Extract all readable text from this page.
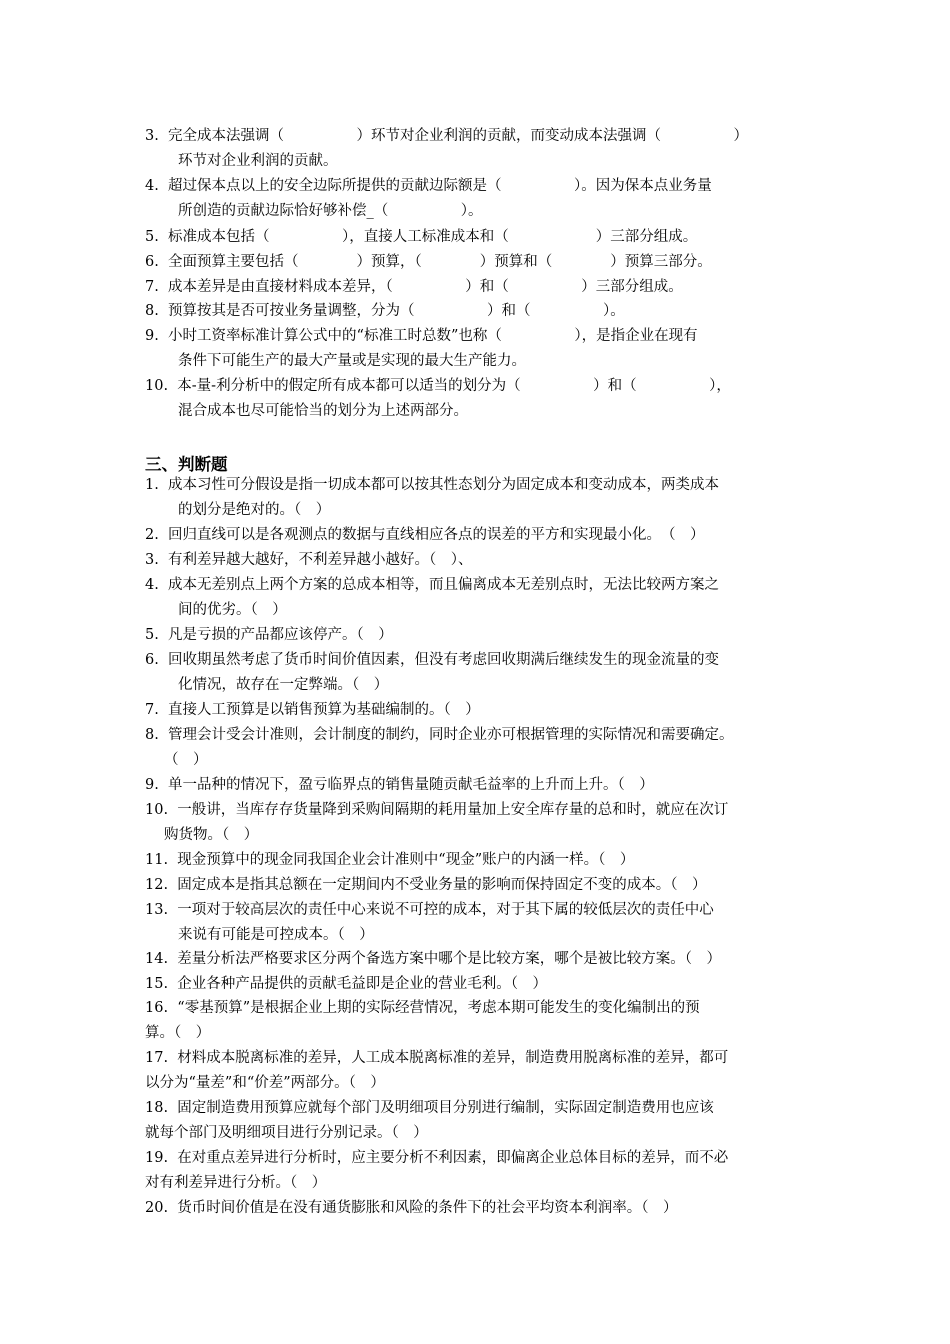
3.  完全成本法强调（　　　　　）环节对企业利润的贡献，而变动成本法强调（　　　　　）
环节对企业利润的贡献。
4.  超过保本点以上的安全边际所提供的贡献边际额是（　　　　　）。因为保本点业务量
所创造的贡献边际恰好够补偿_（　　　　　）。
5.  标准成本包括（　　　　　），直接人工标准成本和（　　　　　　）三部分组成。
6.  全面预算主要包括（　　　　）预算，（　　　　）预算和（　　　　）预算三部分。
7.  成本差异是由直接材料成本差异，（　　　　　）和（　　　　　）三部分组成。
8.  预算按其是否可按业务量调整，分为（　　　　　）和（　　　　　）。
9.  小时工资率标准计算公式中的“标准工时总数”也称（　　　　　），是指企业在现有
条件下可能生产的最大产量或是实现的最大生产能力。
10.  本-量-利分析中的假定所有成本都可以适当的划分为（　　　　　）和（　　　　　），
混合成本也尽可能恰当的划分为上述两部分。
三、判断题
1.  成本习性可分假设是指一切成本都可以按其性态划分为固定成本和变动成本，两类成本
的划分是绝对的。（　）
2.  回归直线可以是各观测点的数据与直线相应各点的误差的平方和实现最小化。　（　）
3.  有利差异越大越好，不利差异越小越好。（　）、
4.  成本无差别点上两个方案的总成本相等，而且偏离成本无差别点时，无法比较两方案之
间的优劣。（　）
5.  凡是亏损的产品都应该停产。（　）
6.  回收期虽然考虑了货币时间价值因素，但没有考虑回收期满后继续发生的现金流量的变
化情况，故存在一定弊端。（　）
7.  直接人工预算是以销售预算为基础编制的。（　）
8.  管理会计受会计准则，会计制度的制约，同时企业亦可根据管理的实际情况和需要确定。
（　）
9.  单一品种的情况下，盈亏临界点的销售量随贡献毛益率的上升而上升。（　）
10.  一般讲，当库存存货量降到采购间隔期的耗用量加上安全库存量的总和时，就应在次订
购货物。（　）
11.  现金预算中的现金同我国企业会计准则中“现金”账户的内涵一样。（　）
12.  固定成本是指其总额在一定期间内不受业务量的影响而保持固定不变的成本。（　）
13.  一项对于较高层次的责任中心来说不可控的成本，对于其下属的较低层次的责任中心
来说有可能是可控成本。（　）
14.  差量分析法严格要求区分两个备选方案中哪个是比较方案，哪个是被比较方案。（　）
15.  企业各种产品提供的贡献毛益即是企业的营业毛利。（　）
16.  “零基预算”是根据企业上期的实际经营情况，考虑本期可能发生的变化编制出的预
算。（　）
17.  材料成本脱离标准的差异，人工成本脱离标准的差异，制造费用脱离标准的差异，都可
以分为“量差”和“价差”两部分。（　）
18.  固定制造费用预算应就每个部门及明细项目分别进行编制，实际固定制造费用也应该
就每个部门及明细项目进行分别记录。（　）
19.  在对重点差异进行分析时，应主要分析不利因素，即偏离企业总体目标的差异，而不必
对有利差异进行分析。（　）
20.  货币时间价值是在没有通货膨胀和风险的条件下的社会平均资本利润率。（　）
